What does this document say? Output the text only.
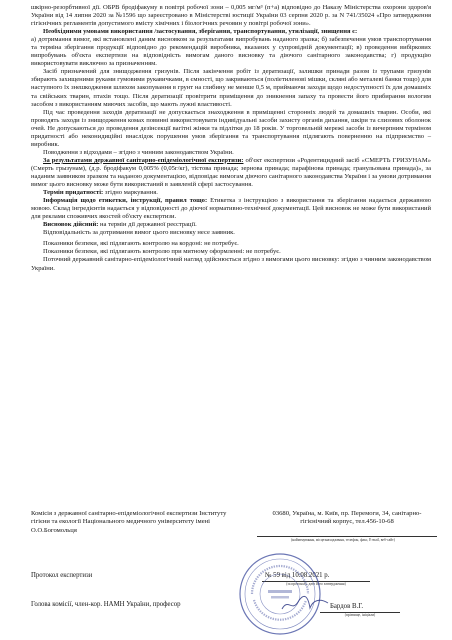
шкірно-резорбтивної дії. ОБРВ бродіфакуму в повітрі робочої зони – 0,005 мг/м³ (п+а) відповідно до Наказу Міністерства охорони здоров'я України від 14 липня 2020 за №1596 що зареєстровано в Міністерстві юстиції України 03 серпня 2020 р. за N 741/35024 «Про затвердження гігієнічних регламентів допустимого вмісту хімічних і біологічних речовин у повітрі робочої зони».

Необхідними умовами використання /застосування, зберігання, транспортування, утилізації, знищення є:

а) дотримання вимог, які встановлені даним висновком за результатами випробувань наданого зразка; б) забезпечення умов транспортування та терміна зберігання продукції відповідно до рекомендацій виробника, вказаних у супровідній документації; в) проведення вибіркових випробувань об'єкта експертизи на відповідність вимогам даного висновку та діючого санітарного законодавства; г) продукцію використовувати виключно за призначенням.

Засіб призначений для знищодження гризунів. Після закінчення робіт із дератизації, залишки принади разом із трупами гризунів збирають захищеними руками гумовими рукавичками, в ємності, що закриваються (поліетиленові мішки, скляні або металеві банки тощо) для наступного їх знешкодження шляхом закопування в грунт на глибину не менше 0,5 м, приймаючи заходи щодо недоступності їх для домашніх та свійських тварин, птахів тощо. Після дератизації провітрити приміщення до зникнення запаху та провести його прибирання вологим засобом з використанням миючих засобів, що мають лужні властивості.

Під час проведення заходів дератизації не допускається знаходження в приміщенні сторонніх людей та домашніх тварин. Особи, які проводять заходи із знищодження комах повинні використовувати індивідуальні засоби захисту органів дихання, шкіри та слизових оболонок очей. Не допускаються до проведення дезінсекції вагітні жінки та підлітки до 18 років. У торговельній мережі засоби із вичерпним терміном придатності або неконидиційні внаслідок порушення умов зберігання та транспортування підлягають поверненню на підприємство – виробник.

Поводження з відходами – згідно з чинним законодавством України.

За результатами державної санітарно-епідеміологічної експертизи: об'єкт експертизи «Родентицидний засіб «СМЕРТЬ ГРИЗУНАМ» (Смерть грызунам), (д.р. бродіфакум 0,005% (0,05г/кг), тістова принада; зернова принада; парафінова принада; гранульована принада)», за наданим заявником зразком та наданою документацією, відповідає вимогам діючого санітарного законодавства України і за умови дотримання вимог цього висновку може бути використаний в заявленій сфері застосування.

Термін придатності: згідно маркування.

Інформація щодо етикетки, інструкції, правил тощо: Етикетка з інструкцією з використання та зберігання надається державною мовою. Склад інгредієнтів надається у відповідності до діючої нормативно-технічної документації. Цей висновок не може бути використаний для реклами споживчих якостей об'єкту експертизи.

Висновок дійсний: на термін дії державної реєстрації.

Відповідальність за дотримання вимог цього висновку несе заявник.

Показники безпеки, які підлягають контролю на кордоні: не потребує.

Показники безпеки, які підлягають контролю при митному оформленні: не потребує.

Поточний державний санітарно-епідеміологічний нагляд здійснюється згідно з вимогами цього висновку: згідно з чинним законодавством України.

Комісія з державної санітарно-епідеміологічної експертизи Інституту гігієни та екології Національного медичного університету імені О.О.Богомольця
03680, Україна, м. Київ, пр. Перемоги, 34, санітарно-гігієнічний корпус, тел.456-10-68
(найменування, місцезнаходження, телефон, факс, E-mail, веб-сайт)
Протокол експертизи	№ 59 від 10.08.2021 р.
(за протоколу, дата його затвердження)
Голова комісії, член-кор. НАМН України, професор	Бардов В.Г.
(прізвище, ініціали)
